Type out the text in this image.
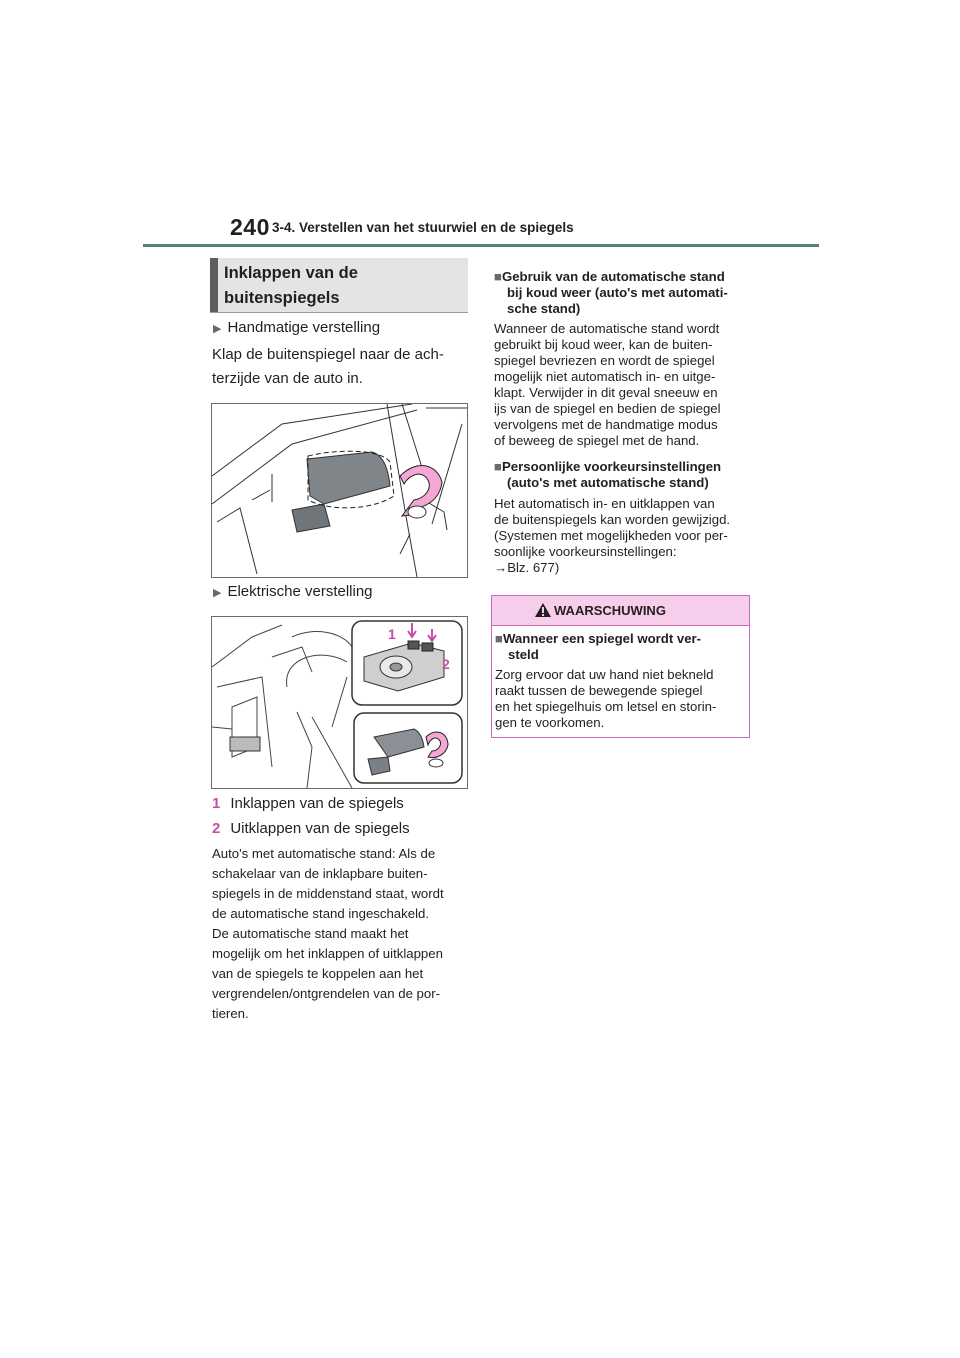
240 3-4. Verstellen van het stuurwiel en de spiegels
Inklappen van de
buitenspiegels
▶ Handmatige verstelling
Klap de buitenspiegel naar de ach-
terzijde van de auto in.
▶ Elektrische verstelling
1
2
1 Inklappen van de spiegels
2 Uitklappen van de spiegels
Auto's met automatische stand: Als de
schakelaar van de inklapbare buiten-
spiegels in de middenstand staat, wordt
de automatische stand ingeschakeld.
De automatische stand maakt het
mogelijk om het inklappen of uitklappen
van de spiegels te koppelen aan het
vergrendelen/ontgrendelen van de por-
tieren.
■Gebruik van de automatische stand
bij koud weer (auto's met automati-
sche stand)
Wanneer de automatische stand wordt
gebruikt bij koud weer, kan de buiten-
spiegel bevriezen en wordt de spiegel
mogelijk niet automatisch in- en uitge-
klapt. Verwijder in dit geval sneeuw en
ijs van de spiegel en bedien de spiegel
vervolgens met de handmatige modus
of beweeg de spiegel met de hand.
■Persoonlijke voorkeursinstellingen
(auto's met automatische stand)
Het automatisch in- en uitklappen van
de buitenspiegels kan worden gewijzigd.
(Systemen met mogelijkheden voor per-
soonlijke voorkeursinstellingen:
→Blz. 677)
WAARSCHUWING
■Wanneer een spiegel wordt ver-
steld
Zorg ervoor dat uw hand niet bekneld
raakt tussen de bewegende spiegel
en het spiegelhuis om letsel en storin-
gen te voorkomen.
